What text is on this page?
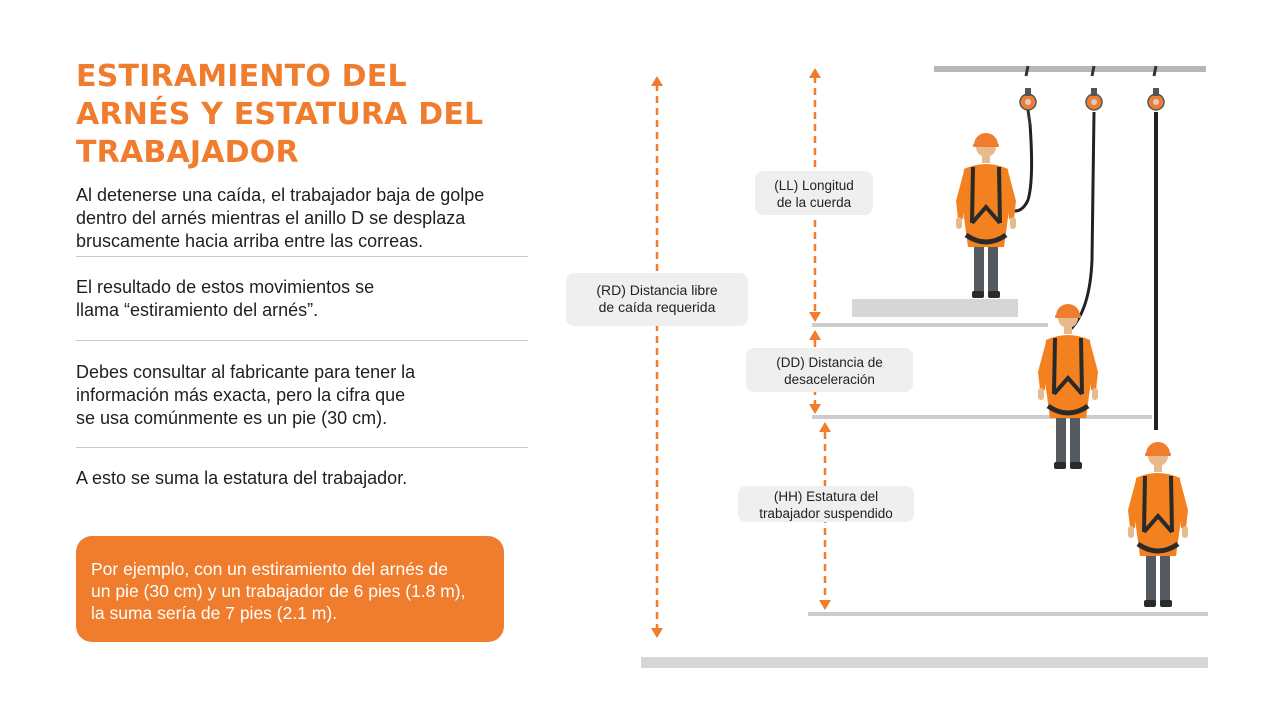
ESTIRAMIENTO DEL
ARNÉS Y ESTATURA DEL
TRABAJADOR

Al detenerse una caída, el trabajador baja de golpe
dentro del arnés mientras el anillo D se desplaza
bruscamente hacia arriba entre las correas.

El resultado de estos movimientos se
llama “estiramiento del arnés”.

Debes consultar al fabricante para tener la
información más exacta, pero la cifra que
se usa comúnmente es un pie (30 cm).

A esto se suma la estatura del trabajador.

Por ejemplo, con un estiramiento del arnés de
un pie (30 cm) y un trabajador de 6 pies (1.8 m),
la suma sería de 7 pies (2.1 m).

(LL) Longitud
de la cuerda
(RD) Distancia libre
de caída requerida
(DD) Distancia de
desaceleración
(HH) Estatura del
trabajador suspendido
